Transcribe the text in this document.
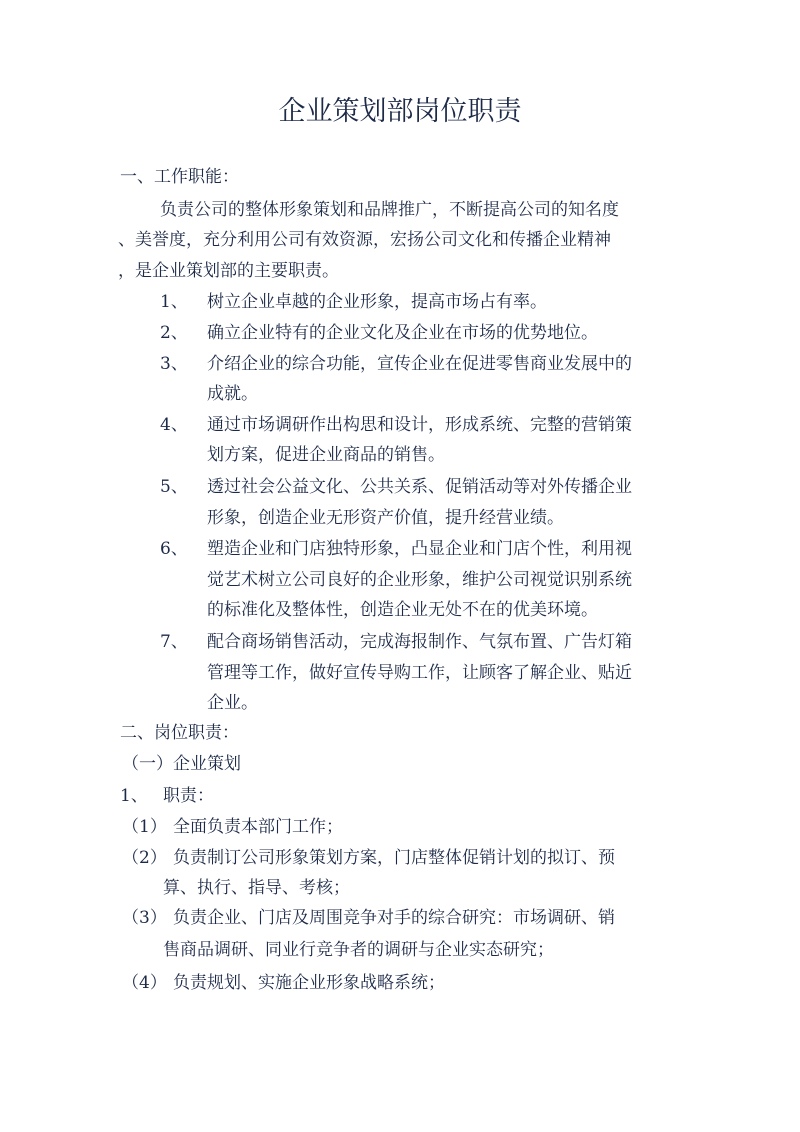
企业策划部岗位职责
一、工作职能：
负责公司的整体形象策划和品牌推广，不断提高公司的知名度
、美誉度，充分利用公司有效资源，宏扬公司文化和传播企业精神
，是企业策划部的主要职责。
1、 树立企业卓越的企业形象，提高市场占有率。
2、 确立企业特有的企业文化及企业在市场的优势地位。
3、 介绍企业的综合功能，宣传企业在促进零售商业发展中的
成就。
4、 通过市场调研作出构思和设计，形成系统、完整的营销策
划方案，促进企业商品的销售。
5、 透过社会公益文化、公共关系、促销活动等对外传播企业
形象，创造企业无形资产价值，提升经营业绩。
6、 塑造企业和门店独特形象，凸显企业和门店个性，利用视
觉艺术树立公司良好的企业形象，维护公司视觉识别系统
的标准化及整体性，创造企业无处不在的优美环境。
7、 配合商场销售活动，完成海报制作、气氛布置、广告灯箱
管理等工作，做好宣传导购工作，让顾客了解企业、贴近
企业。
二、岗位职责：
（一）企业策划
1、 职责：
（1） 全面负责本部门工作；
（2） 负责制订公司形象策划方案，门店整体促销计划的拟订、预
算、执行、指导、考核；
（3） 负责企业、门店及周围竞争对手的综合研究：市场调研、销
售商品调研、同业行竞争者的调研与企业实态研究；
（4） 负责规划、实施企业形象战略系统；
